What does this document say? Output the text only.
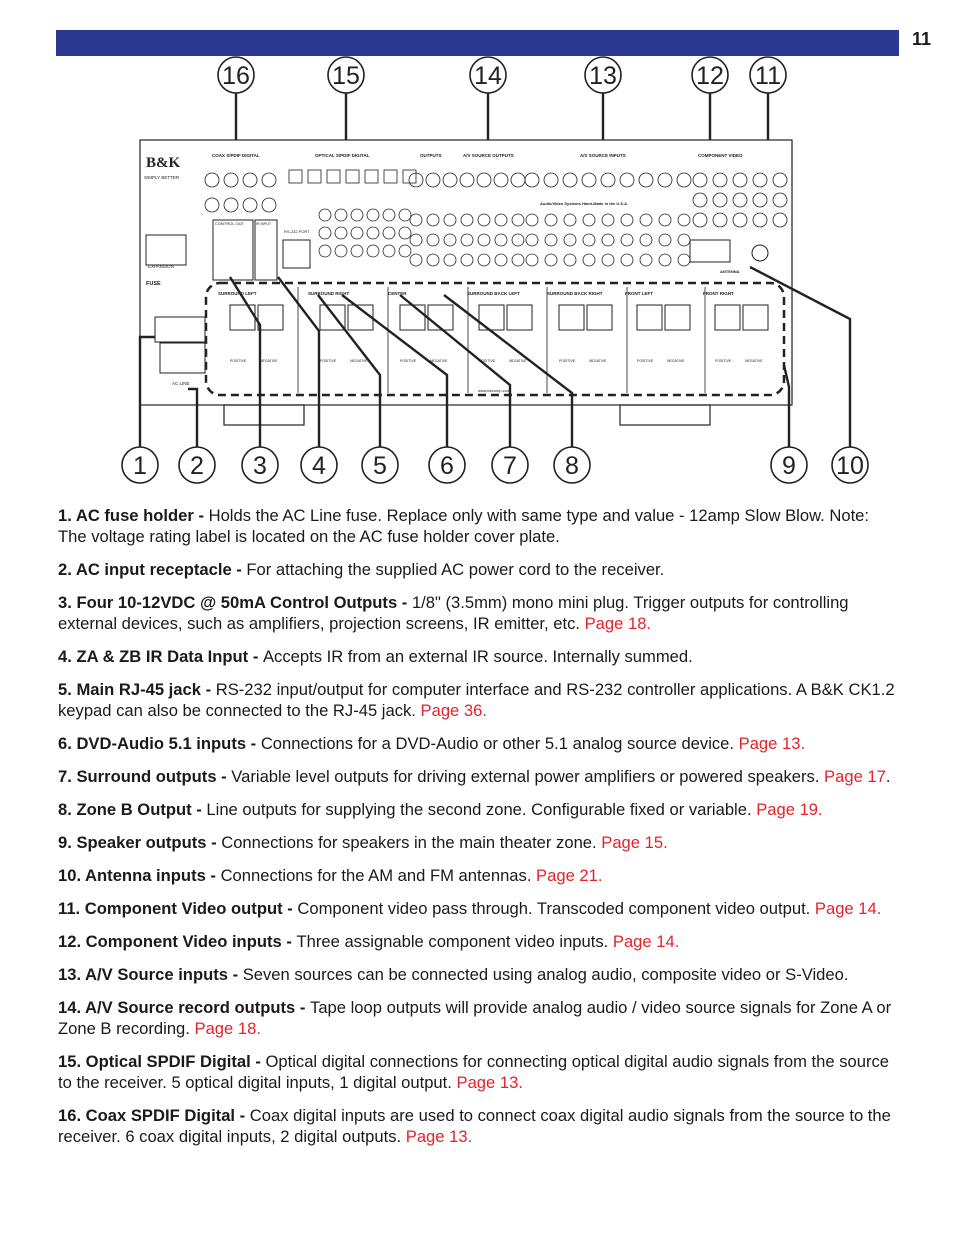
11
B&K
SIMPLY BETTER
EXPANSION
FUSE
AC LINE
CONTROL OUT	IR INPUT
RS-232 PORT
COAX S/PDIF DIGITAL	OPTICAL S/PDIF DIGITAL	OUTPUTS	A/V SOURCE OUTPUTS	A/V SOURCE INPUTS	COMPONENT VIDEO
Audio/Video Systems Hand-Made in the U.S.A.
ANTENNA
www.bkcomp.com
SURROUND LEFT
POSITIVE	NEGATIVE
SURROUND RIGHT
POSITIVE	NEGATIVE
CENTER
POSITIVE	NEGATIVE
SURROUND BACK LEFT
POSITIVE	NEGATIVE
SURROUND BACK RIGHT
POSITIVE	NEGATIVE
FRONT LEFT
POSITIVE	NEGATIVE
FRONT RIGHT
POSITIVE	NEGATIVE
16	15	14	13	12 11
1 2 3 4 5 6 7 8	9 10

1. AC fuse holder - Holds the AC Line fuse. Replace only with same type and value - 12amp Slow Blow. Note: The voltage rating label is located on the AC fuse holder cover plate.

2. AC input receptacle - For attaching the supplied AC power cord to the receiver.

3. Four 10-12VDC @ 50mA Control Outputs - 1/8" (3.5mm) mono mini plug. Trigger outputs for controlling external devices, such as amplifiers, projection screens, IR emitter, etc. Page 18.

4. ZA & ZB IR Data Input - Accepts IR from an external IR source. Internally summed.

5. Main RJ-45 jack - RS-232 input/output for computer interface and RS-232 controller applications. A B&K CK1.2 keypad can also be connected to the RJ-45 jack. Page 36.

6. DVD-Audio 5.1 inputs - Connections for a DVD-Audio or other 5.1 analog source device. Page 13.

7. Surround outputs - Variable level outputs for driving external power amplifiers or powered speakers. Page 17.

8. Zone B Output - Line outputs for supplying the second zone. Configurable fixed or variable. Page 19.

9. Speaker outputs - Connections for speakers in the main theater zone. Page 15.

10. Antenna inputs - Connections for the AM and FM antennas. Page 21.

11. Component Video output - Component video pass through. Transcoded component video output. Page 14.

12. Component Video inputs - Three assignable component video inputs. Page 14.

13. A/V Source inputs - Seven sources can be connected using analog audio, composite video or S-Video.

14. A/V Source record outputs - Tape loop outputs will provide analog audio / video source signals for Zone A or Zone B recording. Page 18.

15. Optical SPDIF Digital - Optical digital connections for connecting optical digital audio signals from the source to the receiver. 5 optical digital inputs, 1 digital output. Page 13.

16. Coax SPDIF Digital - Coax digital inputs are used to connect coax digital audio signals from the source to the receiver. 6 coax digital inputs, 2 digital outputs. Page 13.
